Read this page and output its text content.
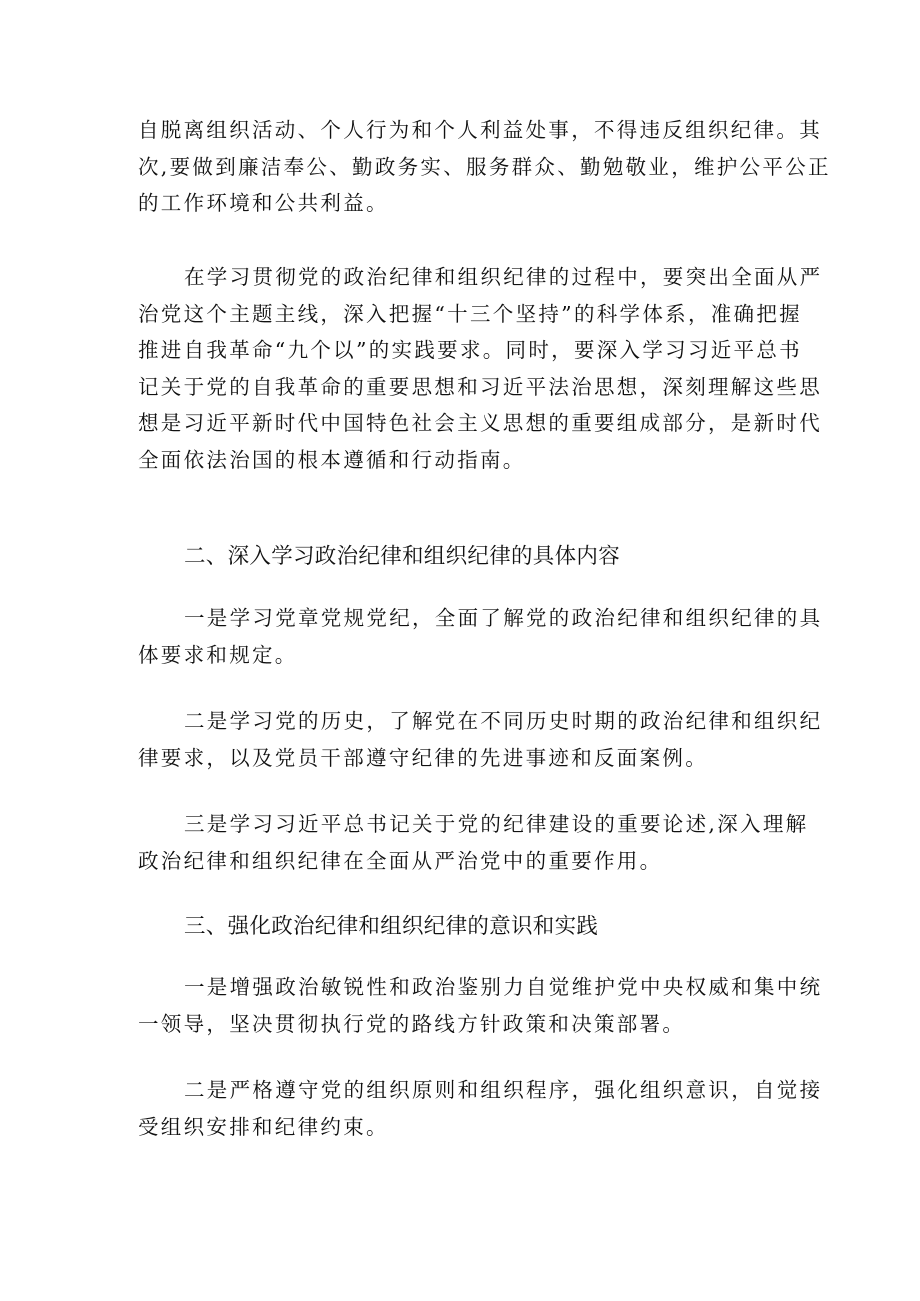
自脱离组织活动、个人行为和个人利益处事，不得违反组织纪律。其
次,要做到廉洁奉公、勤政务实、服务群众、勤勉敬业，维护公平公正
的工作环境和公共利益。

在学习贯彻党的政治纪律和组织纪律的过程中，要突出全面从严
治党这个主题主线，深入把握“十三个坚持”的科学体系，准确把握
推进自我革命“九个以”的实践要求。同时，要深入学习习近平总书
记关于党的自我革命的重要思想和习近平法治思想，深刻理解这些思
想是习近平新时代中国特色社会主义思想的重要组成部分，是新时代
全面依法治国的根本遵循和行动指南。

二、深入学习政治纪律和组织纪律的具体内容

一是学习党章党规党纪，全面了解党的政治纪律和组织纪律的具
体要求和规定。

二是学习党的历史，了解党在不同历史时期的政治纪律和组织纪
律要求，以及党员干部遵守纪律的先进事迹和反面案例。

三是学习习近平总书记关于党的纪律建设的重要论述,深入理解
政治纪律和组织纪律在全面从严治党中的重要作用。

三、强化政治纪律和组织纪律的意识和实践

一是增强政治敏锐性和政治鉴别力自觉维护党中央权威和集中统
一领导，坚决贯彻执行党的路线方针政策和决策部署。

二是严格遵守党的组织原则和组织程序，强化组织意识，自觉接
受组织安排和纪律约束。
